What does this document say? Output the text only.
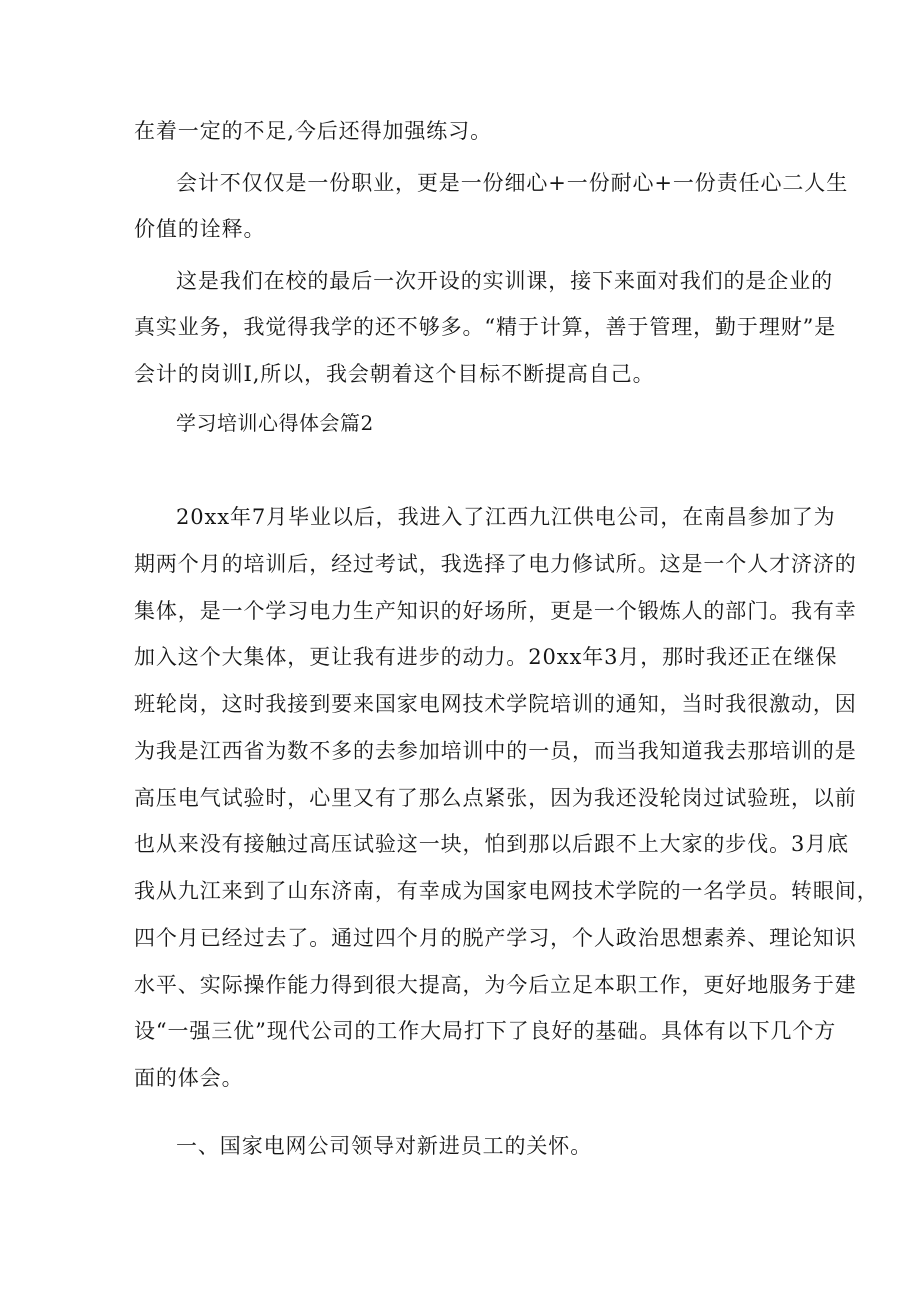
在着一定的不足,今后还得加强练习。
会计不仅仅是一份职业，更是一份细心+一份耐心+一份责任心二人生
价值的诠释。
这是我们在校的最后一次开设的实训课，接下来面对我们的是企业的
真实业务，我觉得我学的还不够多。“精于计算，善于管理，勤于理财”是
会计的岗训Ⅰ,所以，我会朝着这个目标不断提高自己。
学习培训心得体会篇2
20xx年7月毕业以后，我进入了江西九江供电公司，在南昌参加了为
期两个月的培训后，经过考试，我选择了电力修试所。这是一个人才济济的
集体，是一个学习电力生产知识的好场所，更是一个锻炼人的部门。我有幸
加入这个大集体，更让我有进步的动力。20xx年3月，那时我还正在继保
班轮岗，这时我接到要来国家电网技术学院培训的通知，当时我很激动，因
为我是江西省为数不多的去参加培训中的一员，而当我知道我去那培训的是
高压电气试验时，心里又有了那么点紧张，因为我还没轮岗过试验班，以前
也从来没有接触过高压试验这一块，怕到那以后跟不上大家的步伐。3月底
我从九江来到了山东济南，有幸成为国家电网技术学院的一名学员。转眼间，
四个月已经过去了。通过四个月的脱产学习，个人政治思想素养、理论知识
水平、实际操作能力得到很大提高，为今后立足本职工作，更好地服务于建
设“一强三优”现代公司的工作大局打下了良好的基础。具体有以下几个方
面的体会。
一、国家电网公司领导对新进员工的关怀。
